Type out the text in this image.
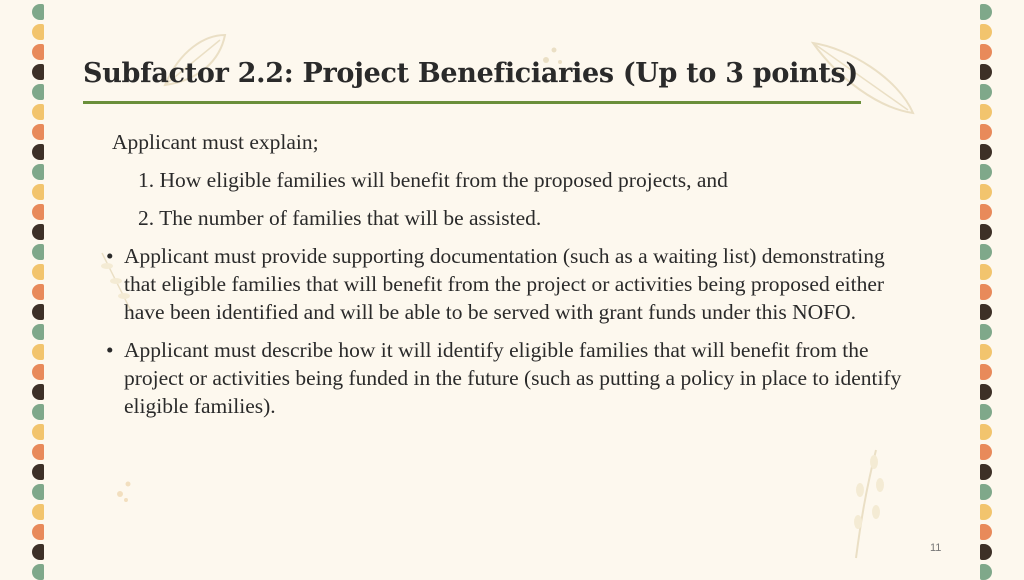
Subfactor 2.2: Project Beneficiaries (Up to 3 points)
Applicant must explain;
1. How eligible families will benefit from the proposed projects, and
2. The number of families that will be assisted.
• Applicant must provide supporting documentation (such as a waiting list) demonstrating that eligible families that will benefit from the project or activities being proposed either have been identified and will be able to be served with grant funds under this NOFO.
• Applicant must describe how it will identify eligible families that will benefit from the project or activities being funded in the future (such as putting a policy in place to identify eligible families).
11
